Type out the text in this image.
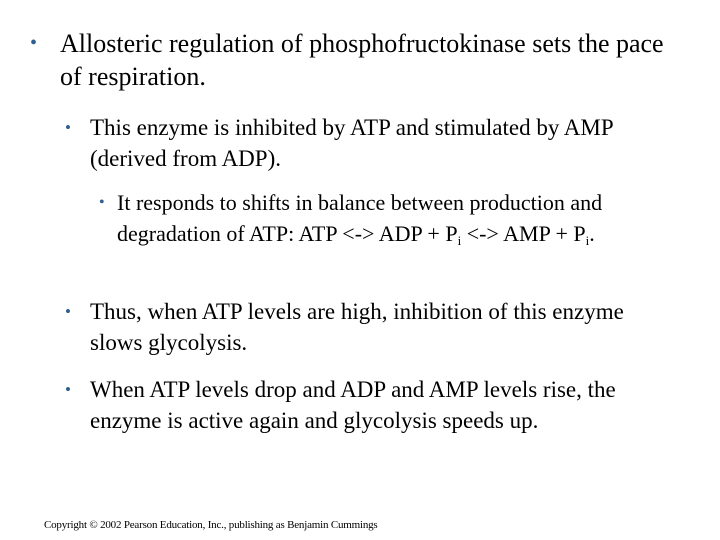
• Allosteric regulation of phosphofructokinase sets the pace of respiration.
• This enzyme is inhibited by ATP and stimulated by AMP (derived from ADP).
• It responds to shifts in balance between production and degradation of ATP: ATP <-> ADP + $P_i$ <-> AMP + $P_i$.
• Thus, when ATP levels are high, inhibition of this enzyme slows glycolysis.
• When ATP levels drop and ADP and AMP levels rise, the enzyme is active again and glycolysis speeds up.
Copyright © 2002 Pearson Education, Inc., publishing as Benjamin Cummings
